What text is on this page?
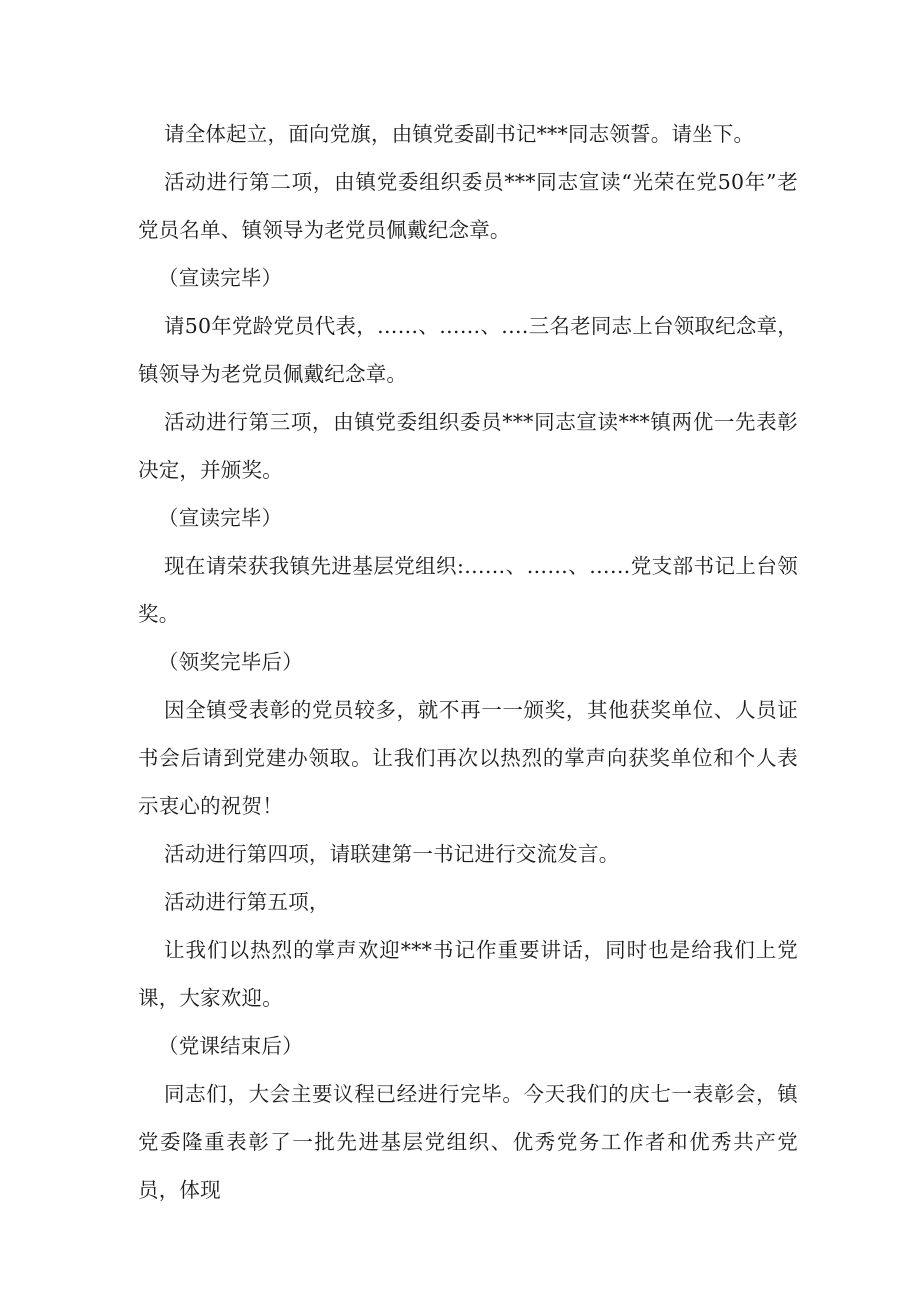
请全体起立，面向党旗，由镇党委副书记***同志领誓。请坐下。

活动进行第二项，由镇党委组织委员***同志宣读“光荣在党50年”老党员名单、镇领导为老党员佩戴纪念章。

（宣读完毕）

请50年党龄党员代表，……、……、.…三名老同志上台领取纪念章，镇领导为老党员佩戴纪念章。

活动进行第三项，由镇党委组织委员***同志宣读***镇两优一先表彰决定，并颁奖。

（宣读完毕）

现在请荣获我镇先进基层党组织:……、……、……党支部书记上台领奖。

（领奖完毕后）

因全镇受表彰的党员较多，就不再一一颁奖，其他获奖单位、人员证书会后请到党建办领取。让我们再次以热烈的掌声向获奖单位和个人表示衷心的祝贺！

活动进行第四项，请联建第一书记进行交流发言。

活动进行第五项，

让我们以热烈的掌声欢迎***书记作重要讲话，同时也是给我们上党课，大家欢迎。

（党课结束后）

同志们，大会主要议程已经进行完毕。今天我们的庆七一表彰会，镇党委隆重表彰了一批先进基层党组织、优秀党务工作者和优秀共产党员，体现
